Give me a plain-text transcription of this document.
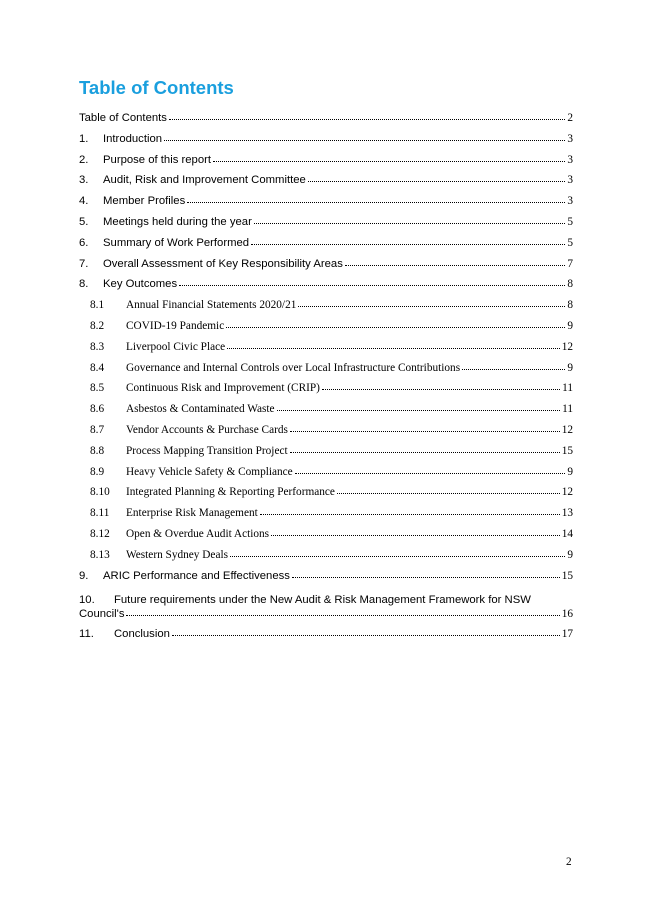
Table of Contents
Table of Contents	2
1.	Introduction	3
2.	Purpose of this report	3
3.	Audit, Risk and Improvement Committee	3
4.	Member Profiles	3
5.	Meetings held during the year	5
6.	Summary of Work Performed	5
7.	Overall Assessment of Key Responsibility Areas	7
8.	Key Outcomes	8
8.1	Annual Financial Statements 2020/21	8
8.2	COVID-19 Pandemic	9
8.3	Liverpool Civic Place	12
8.4	Governance and Internal Controls over Local Infrastructure Contributions	9
8.5	Continuous Risk and Improvement (CRIP)	11
8.6	Asbestos & Contaminated Waste	11
8.7	Vendor Accounts & Purchase Cards	12
8.8	Process Mapping Transition Project	15
8.9	Heavy Vehicle Safety & Compliance	9
8.10	Integrated Planning & Reporting Performance	12
8.11	Enterprise Risk Management	13
8.12	Open & Overdue Audit Actions	14
8.13	Western Sydney Deals	9
9.	ARIC Performance and Effectiveness	15
10.	Future requirements under the New Audit & Risk Management Framework for NSW
Council's	16
11.	Conclusion	17
2
